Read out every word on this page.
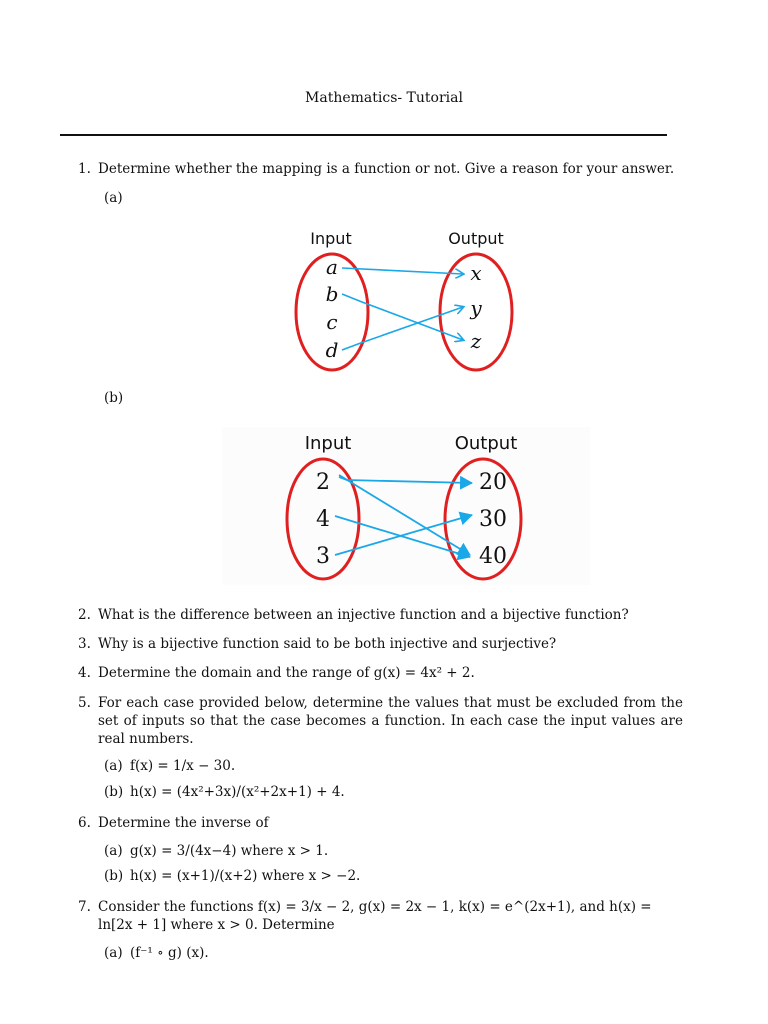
Mathematics- Tutorial
1. Determine whether the mapping is a function or not. Give a reason for your answer.
(a)
Input	Output
a
b
c
d
x
y
z
(b)
Input	Output
2
4
3
20
30
40
2. What is the difference between an injective function and a bijective function?
3. Why is a bijective function said to be both injective and surjective?
4. Determine the domain and the range of g(x) = 4x² + 2.
5. For each case provided below, determine the values that must be excluded from the set of inputs so that the case becomes a function. In each case the input values are real numbers.
(a) f(x) = 1/x − 30.
(b) h(x) = (4x²+3x)/(x²+2x+1) + 4.
6. Determine the inverse of
(a) g(x) = 3/(4x−4) where x > 1.
(b) h(x) = (x+1)/(x+2) where x > −2.
7. Consider the functions f(x) = 3/x − 2, g(x) = 2x − 1, k(x) = e^(2x+1), and h(x) = ln[2x + 1] where x > 0. Determine
(a) (f⁻¹ ∘ g) (x).
